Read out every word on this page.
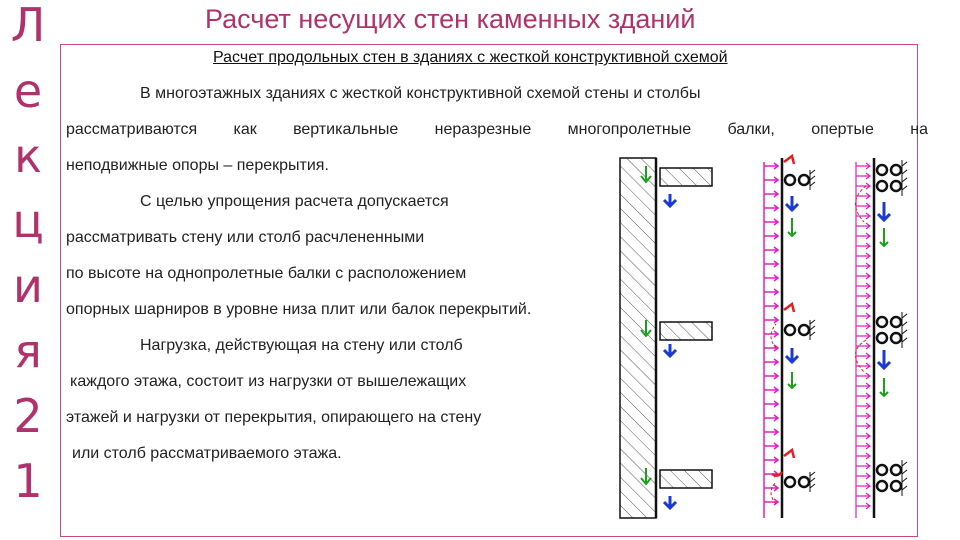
Л
е
к
ц
и
я
2
1
Расчет несущих стен каменных зданий
Расчет продольных стен в зданиях с жесткой конструктивной схемой
В многоэтажных зданиях с жесткой конструктивной схемой стены и столбы
рассматриваются как вертикальные неразрезные многопролетные балки, опертые на
неподвижные опоры – перекрытия.
С целью упрощения расчета допускается
рассматривать стену или столб расчлененными
по высоте на однопролетные балки с расположением
опорных шарниров в уровне низа плит или балок перекрытий.
Нагрузка, действующая на стену или столб
каждого этажа, состоит из нагрузки от вышележащих
этажей и нагрузки от перекрытия, опирающего на стену
или столб рассматриваемого этажа.
